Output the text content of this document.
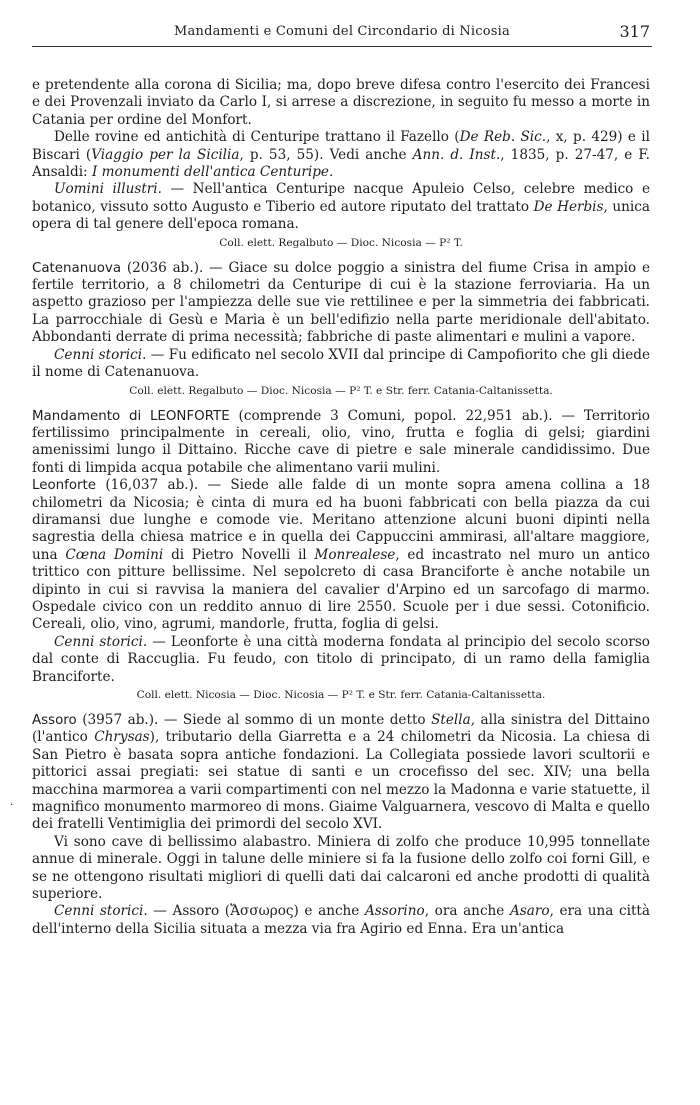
Mandamenti e Comuni del Circondario di Nicosia	317
·

e pretendente alla corona di Sicilia; ma, dopo breve difesa contro l'esercito dei Francesi e dei Provenzali inviato da Carlo I, si arrese a discrezione, in seguito fu messo a morte in Catania per ordine del Monfort.

Delle rovine ed antichità di Centuripe trattano il Fazello (De Reb. Sic., x, p. 429) e il Biscari (Viaggio per la Sicilia, p. 53, 55). Vedi anche Ann. d. Inst., 1835, p. 27-47, e F. Ansaldi: I monumenti dell'antica Centuripe.

Uomini illustri. — Nell'antica Centuripe nacque Apuleio Celso, celebre medico e botanico, vissuto sotto Augusto e Tiberio ed autore riputato del trattato De Herbis, unica opera di tal genere dell'epoca romana.

Coll. elett. Regalbuto — Dioc. Nicosia — P² T.

Catenanuova (2036 ab.). — Giace su dolce poggio a sinistra del fiume Crisa in ampio e fertile territorio, a 8 chilometri da Centuripe di cui è la stazione ferroviaria. Ha un aspetto grazioso per l'ampiezza delle sue vie rettilinee e per la simmetria dei fabbricati. La parrocchiale di Gesù e Maria è un bell'edifizio nella parte meridionale dell'abitato. Abbondanti derrate di prima necessità; fabbriche di paste alimentari e mulini a vapore.

Cenni storici. — Fu edificato nel secolo XVII dal principe di Campofiorito che gli diede il nome di Catenanuova.

Coll. elett. Regalbuto — Dioc. Nicosia — P² T. e Str. ferr. Catania-Caltanissetta.

Mandamento di LEONFORTE (comprende 3 Comuni, popol. 22,951 ab.). — Territorio fertilissimo principalmente in cereali, olio, vino, frutta e foglia di gelsi; giardini amenissimi lungo il Dittaino. Ricche cave di pietre e sale minerale candidissimo. Due fonti di limpida acqua potabile che alimentano varii mulini.

Leonforte (16,037 ab.). — Siede alle falde di un monte sopra amena collina a 18 chilometri da Nicosia; è cinta di mura ed ha buoni fabbricati con bella piazza da cui diramansi due lunghe e comode vie. Meritano attenzione alcuni buoni dipinti nella sagrestia della chiesa matrice e in quella dei Cappuccini ammirasi, all'altare maggiore, una Cœna Domini di Pietro Novelli il Monrealese, ed incastrato nel muro un antico trittico con pitture bellissime. Nel sepolcreto di casa Branciforte è anche notabile un dipinto in cui si ravvisa la maniera del cavalier d'Arpino ed un sarcofago di marmo. Ospedale civico con un reddito annuo di lire 2550. Scuole per i due sessi. Cotonificio. Cereali, olio, vino, agrumi, mandorle, frutta, foglia di gelsi.

Cenni storici. — Leonforte è una città moderna fondata al principio del secolo scorso dal conte di Raccuglia. Fu feudo, con titolo di principato, di un ramo della famiglia Branciforte.

Coll. elett. Nicosia — Dioc. Nicosia — P² T. e Str. ferr. Catania-Caltanissetta.

Assoro (3957 ab.). — Siede al sommo di un monte detto Stella, alla sinistra del Dittaino (l'antico Chrysas), tributario della Giarretta e a 24 chilometri da Nicosia. La chiesa di San Pietro è basata sopra antiche fondazioni. La Collegiata possiede lavori scultorii e pittorici assai pregiati: sei statue di santi e un crocefisso del sec. XIV; una bella macchina marmorea a varii compartimenti con nel mezzo la Madonna e varie statuette, il magnifico monumento marmoreo di mons. Giaime Valguarnera, vescovo di Malta e quello dei fratelli Ventimiglia dei primordi del secolo XVI.

Vi sono cave di bellissimo alabastro. Miniera di zolfo che produce 10,995 tonnellate annue di minerale. Oggi in talune delle miniere si fa la fusione dello zolfo coi forni Gill, e se ne ottengono risultati migliori di quelli dati dai calcaroni ed anche prodotti di qualità superiore.

Cenni storici. — Assoro (Ἄσσωρος) e anche Assorino, ora anche Asaro, era una città dell'interno della Sicilia situata a mezza via fra Agirio ed Enna. Era un'antica
